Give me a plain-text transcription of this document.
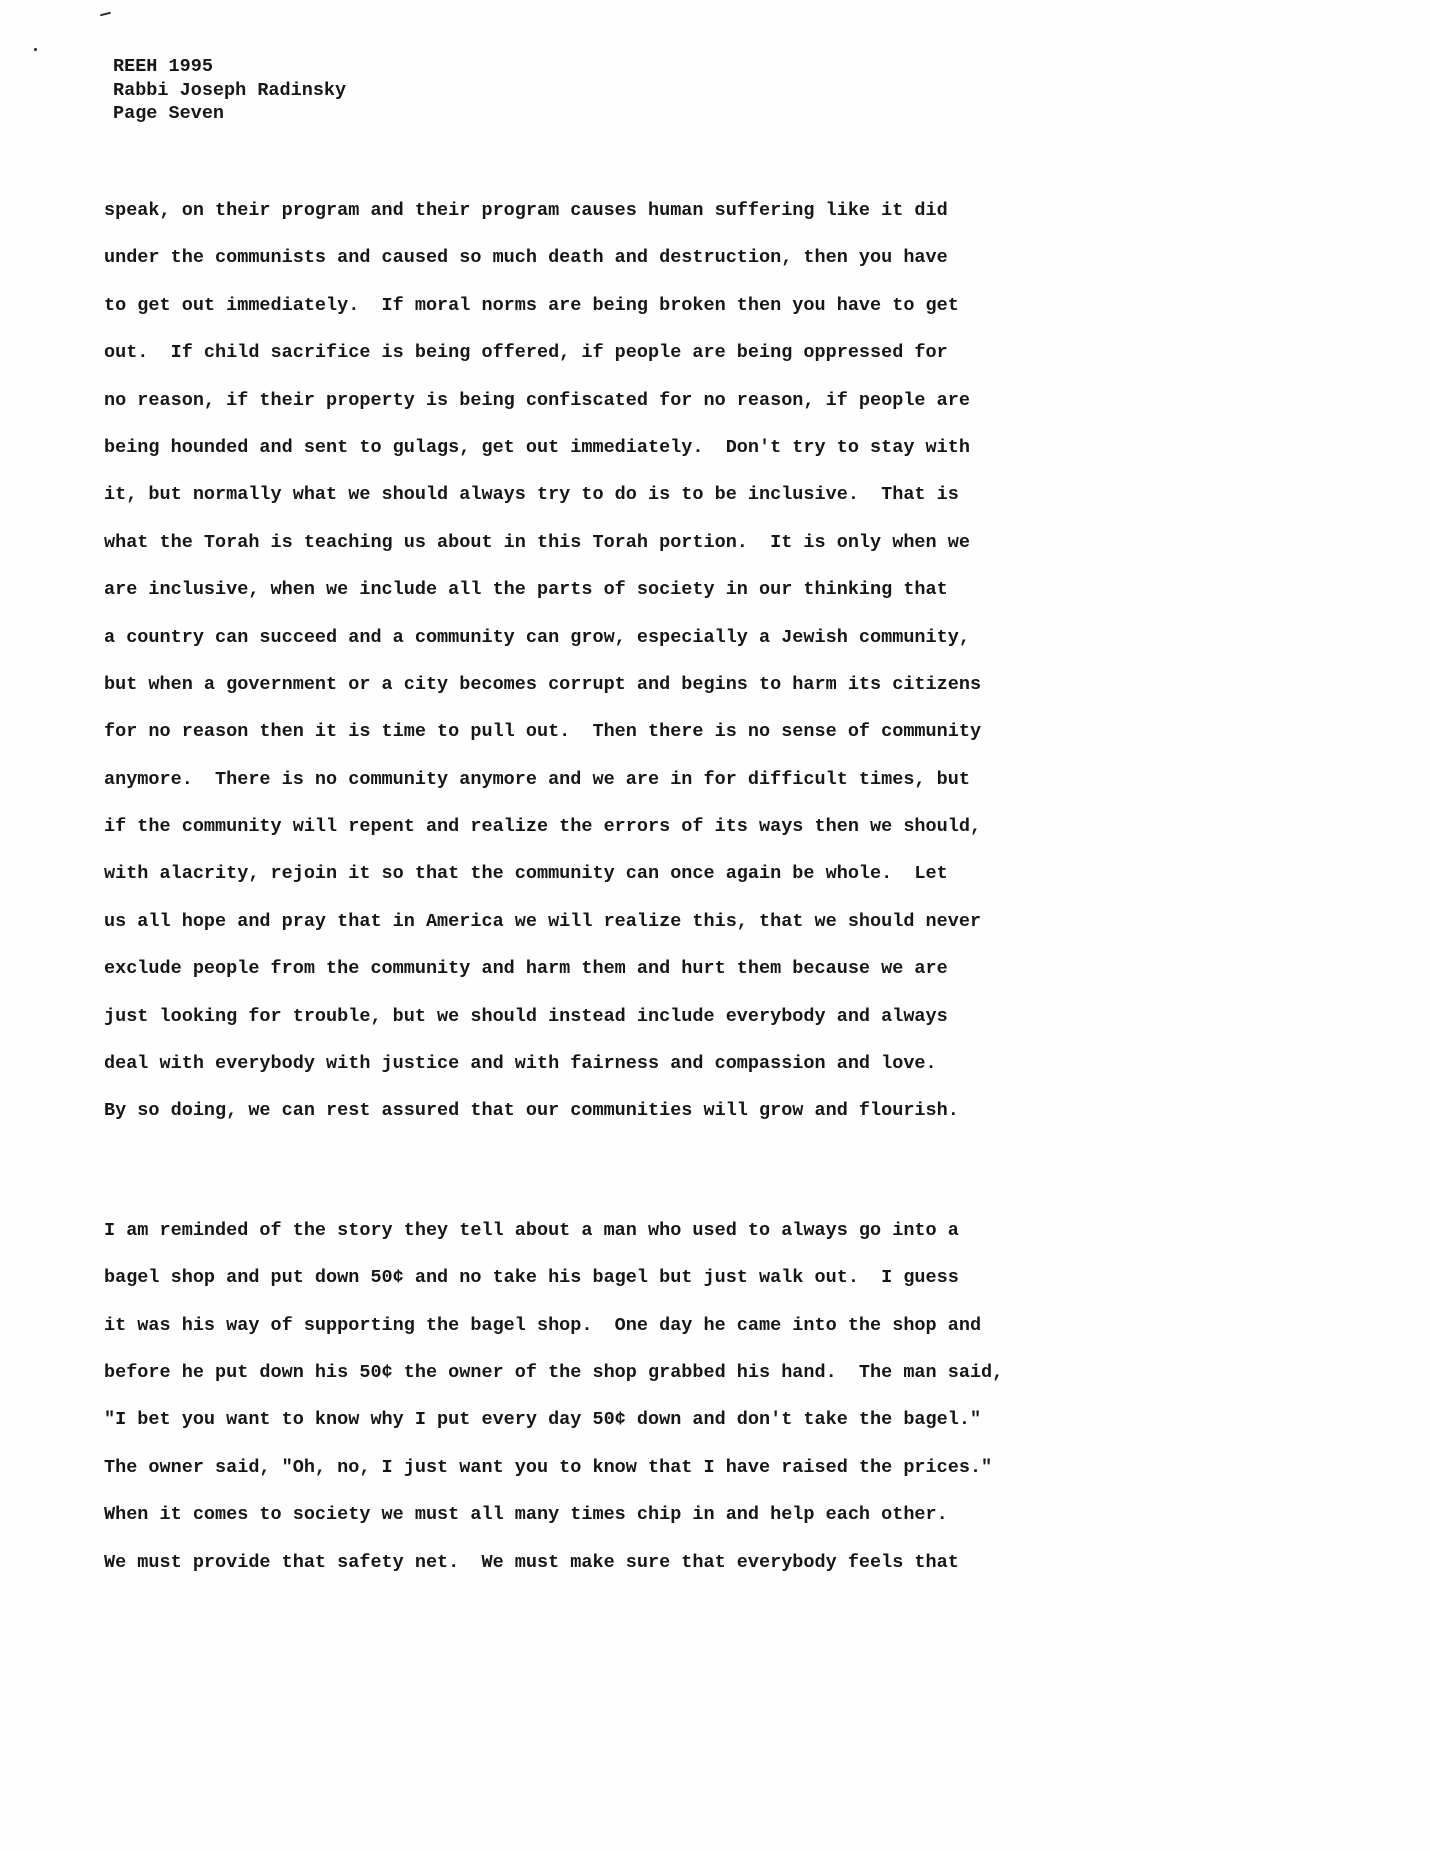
REEH 1995
Rabbi Joseph Radinsky
Page Seven

speak, on their program and their program causes human suffering like it did
under the communists and caused so much death and destruction, then you have
to get out immediately.  If moral norms are being broken then you have to get
out.  If child sacrifice is being offered, if people are being oppressed for
no reason, if their property is being confiscated for no reason, if people are
being hounded and sent to gulags, get out immediately.  Don't try to stay with
it, but normally what we should always try to do is to be inclusive.  That is
what the Torah is teaching us about in this Torah portion.  It is only when we
are inclusive, when we include all the parts of society in our thinking that
a country can succeed and a community can grow, especially a Jewish community,
but when a government or a city becomes corrupt and begins to harm its citizens
for no reason then it is time to pull out.  Then there is no sense of community
anymore.  There is no community anymore and we are in for difficult times, but
if the community will repent and realize the errors of its ways then we should,
with alacrity, rejoin it so that the community can once again be whole.  Let
us all hope and pray that in America we will realize this, that we should never
exclude people from the community and harm them and hurt them because we are
just looking for trouble, but we should instead include everybody and always
deal with everybody with justice and with fairness and compassion and love.
By so doing, we can rest assured that our communities will grow and flourish.

I am reminded of the story they tell about a man who used to always go into a
bagel shop and put down 50¢ and no take his bagel but just walk out.  I guess
it was his way of supporting the bagel shop.  One day he came into the shop and
before he put down his 50¢ the owner of the shop grabbed his hand.  The man said,
"I bet you want to know why I put every day 50¢ down and don't take the bagel."
The owner said, "Oh, no, I just want you to know that I have raised the prices."
When it comes to society we must all many times chip in and help each other.
We must provide that safety net.  We must make sure that everybody feels that
